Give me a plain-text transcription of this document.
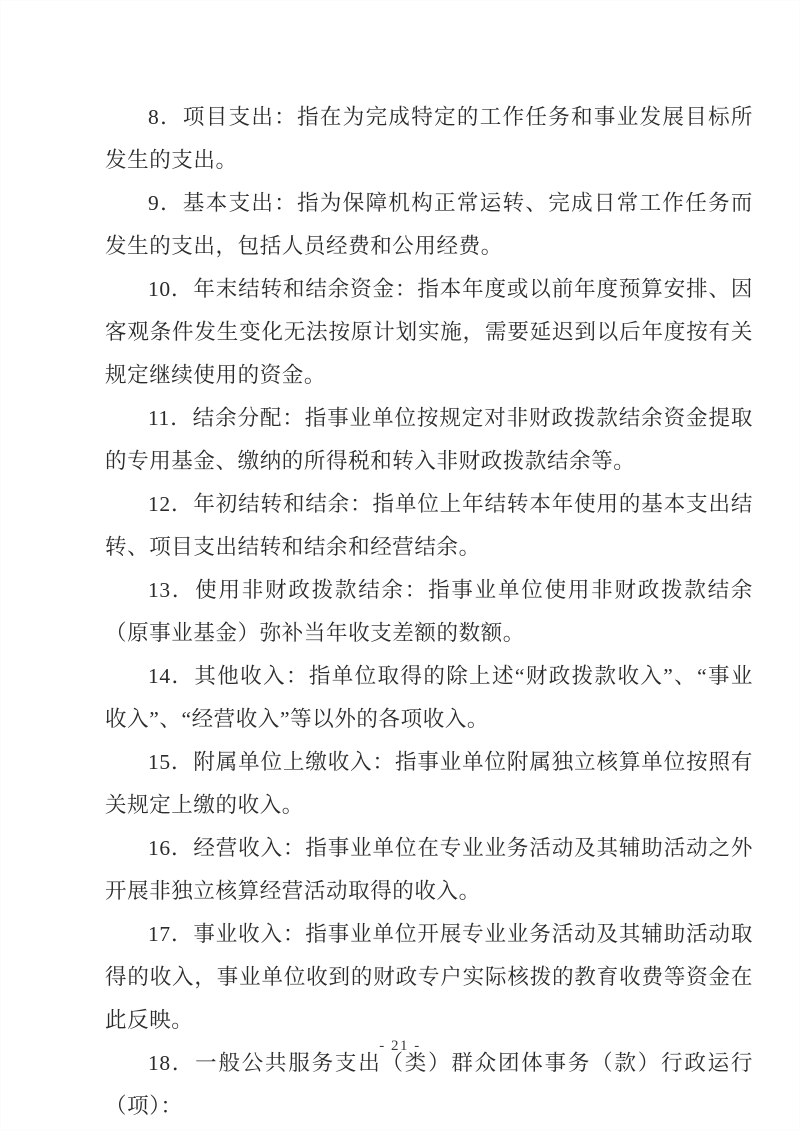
8．项目支出：指在为完成特定的工作任务和事业发展目标所发生的支出。

9．基本支出：指为保障机构正常运转、完成日常工作任务而发生的支出，包括人员经费和公用经费。

10．年末结转和结余资金：指本年度或以前年度预算安排、因客观条件发生变化无法按原计划实施，需要延迟到以后年度按有关规定继续使用的资金。

11．结余分配：指事业单位按规定对非财政拨款结余资金提取的专用基金、缴纳的所得税和转入非财政拨款结余等。

12．年初结转和结余：指单位上年结转本年使用的基本支出结转、项目支出结转和结余和经营结余。

13．使用非财政拨款结余：指事业单位使用非财政拨款结余（原事业基金）弥补当年收支差额的数额。

14．其他收入：指单位取得的除上述“财政拨款收入”、“事业收入”、“经营收入”等以外的各项收入。

15．附属单位上缴收入：指事业单位附属独立核算单位按照有关规定上缴的收入。

16．经营收入：指事业单位在专业业务活动及其辅助活动之外开展非独立核算经营活动取得的收入。

17．事业收入：指事业单位开展专业业务活动及其辅助活动取得的收入，事业单位收到的财政专户实际核拨的教育收费等资金在此反映。

18．一般公共服务支出（类）群众团体事务（款）行政运行（项）：

- 21 -
